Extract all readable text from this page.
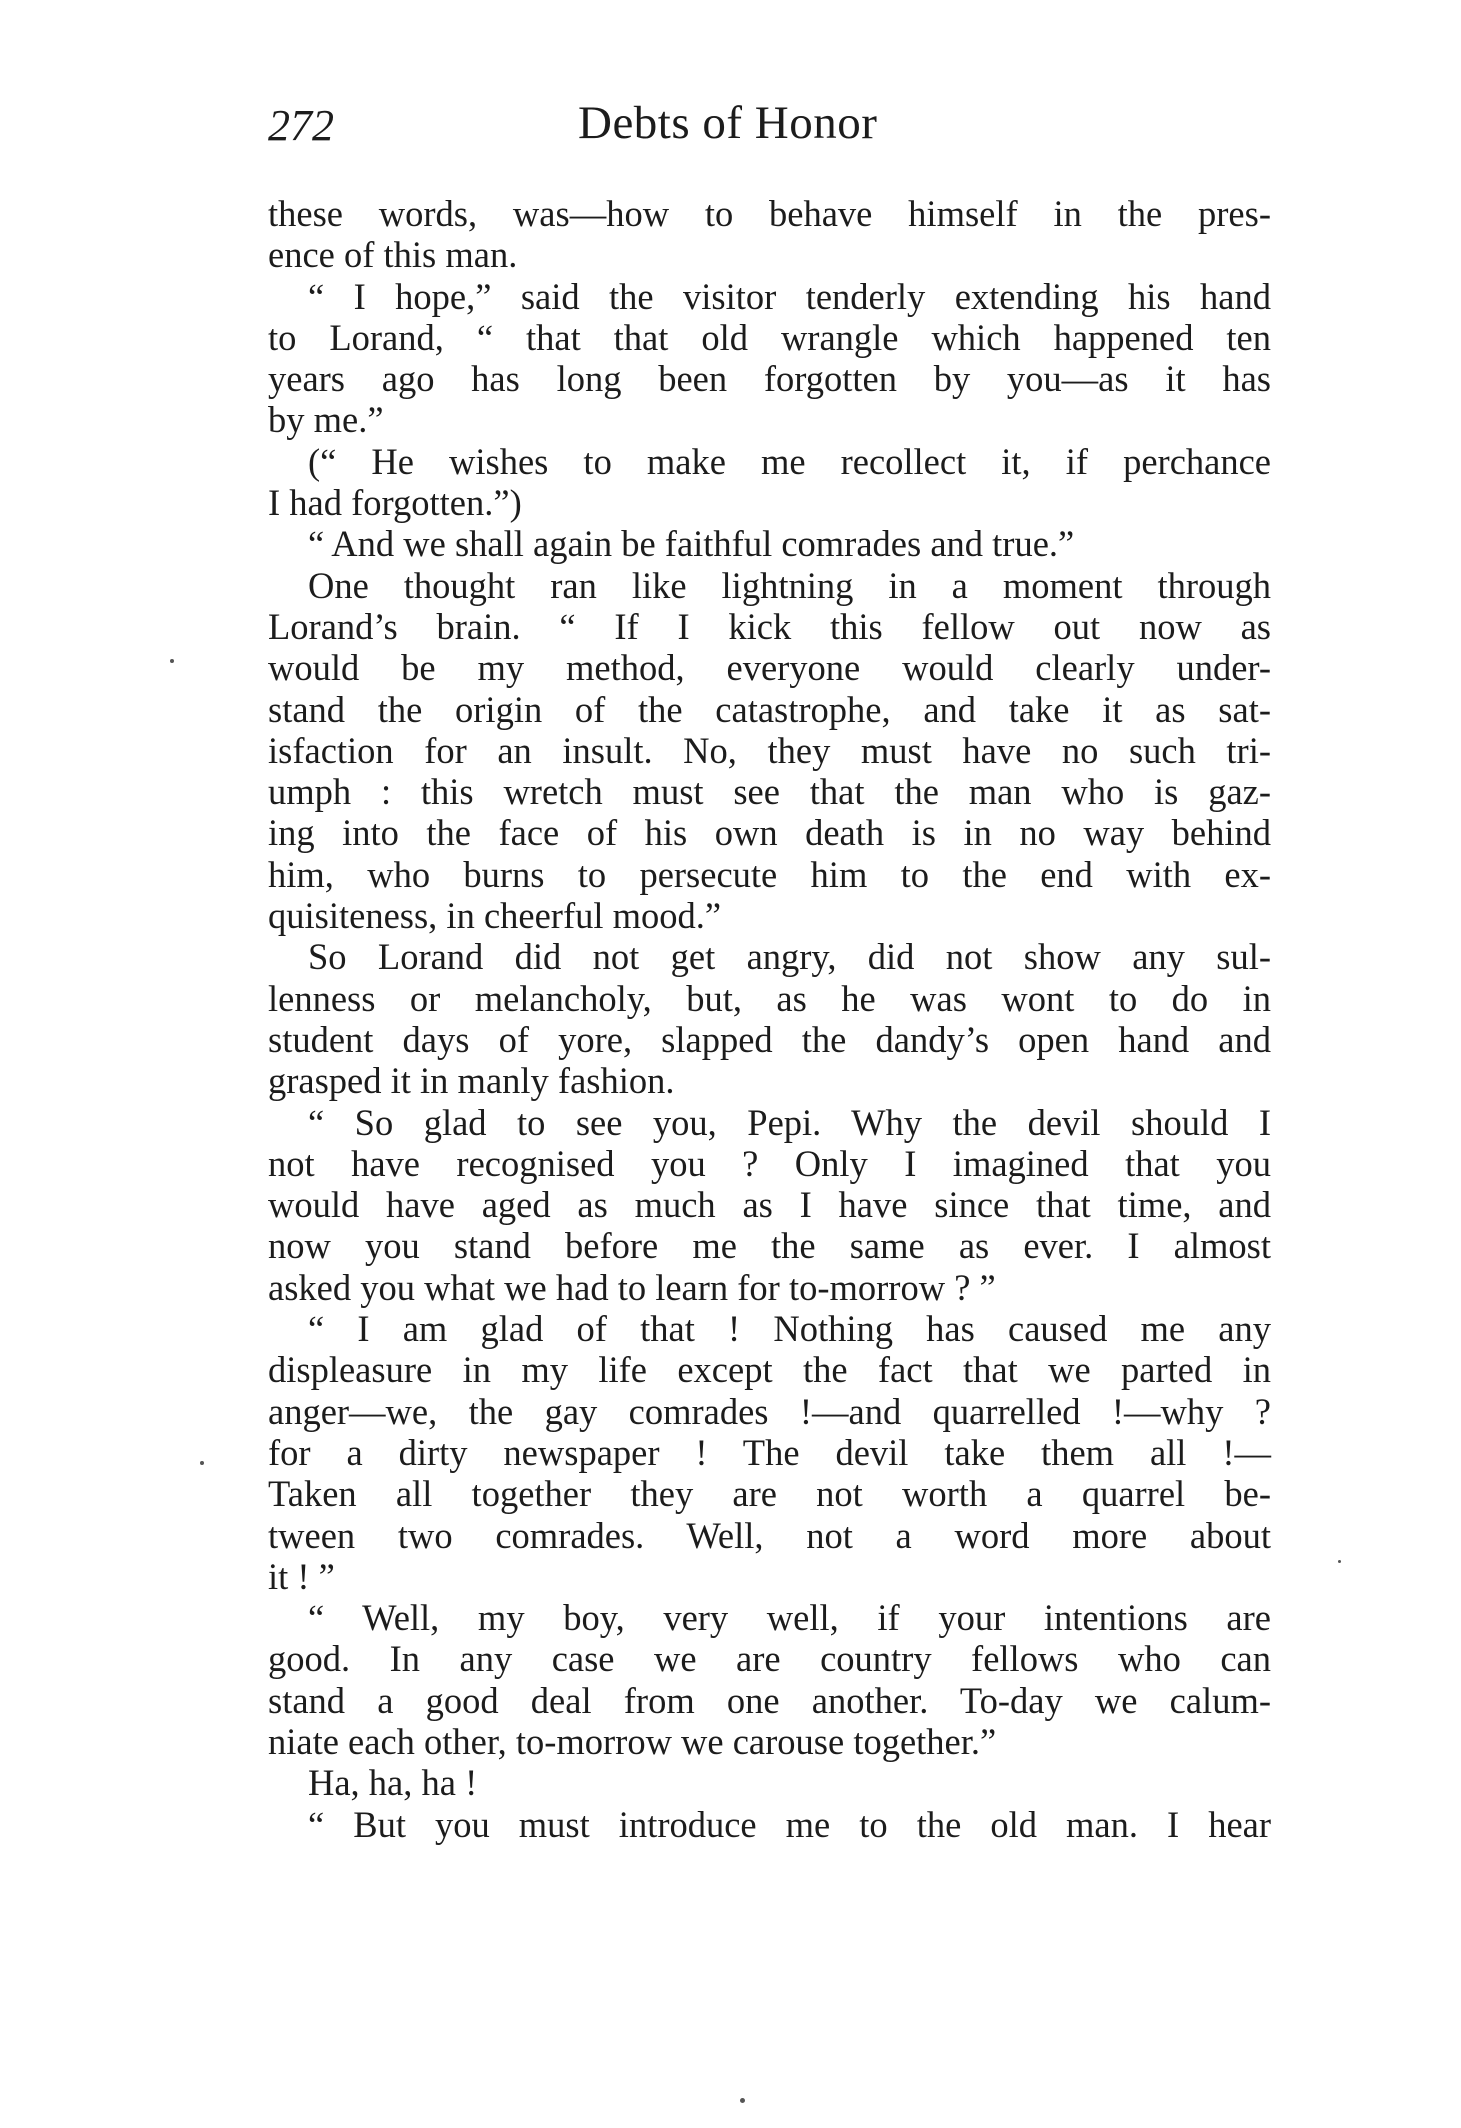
272	Debts of Honor
these words, was—how to behave himself in the pres-
ence of this man.
“ I hope,” said the visitor tenderly extending his hand
to Lorand, “ that that old wrangle which happened ten
years ago has long been forgotten by you—as it has
by me.”
(“ He wishes to make me recollect it, if perchance
I had forgotten.”)
“ And we shall again be faithful comrades and true.”
One thought ran like lightning in a moment through
Lorand’s brain. “ If I kick this fellow out now as
would be my method, everyone would clearly under-
stand the origin of the catastrophe, and take it as sat-
isfaction for an insult. No, they must have no such tri-
umph : this wretch must see that the man who is gaz-
ing into the face of his own death is in no way behind
him, who burns to persecute him to the end with ex-
quisiteness, in cheerful mood.”
So Lorand did not get angry, did not show any sul-
lenness or melancholy, but, as he was wont to do in
student days of yore, slapped the dandy’s open hand and
grasped it in manly fashion.
“ So glad to see you, Pepi. Why the devil should I
not have recognised you ? Only I imagined that you
would have aged as much as I have since that time, and
now you stand before me the same as ever. I almost
asked you what we had to learn for to-morrow ? ”
“ I am glad of that ! Nothing has caused me any
displeasure in my life except the fact that we parted in
anger—we, the gay comrades !—and quarrelled !—why ?
for a dirty newspaper ! The devil take them all !—
Taken all together they are not worth a quarrel be-
tween two comrades. Well, not a word more about
it ! ”
“ Well, my boy, very well, if your intentions are
good. In any case we are country fellows who can
stand a good deal from one another. To-day we calum-
niate each other, to-morrow we carouse together.”
Ha, ha, ha !
“ But you must introduce me to the old man. I hear
